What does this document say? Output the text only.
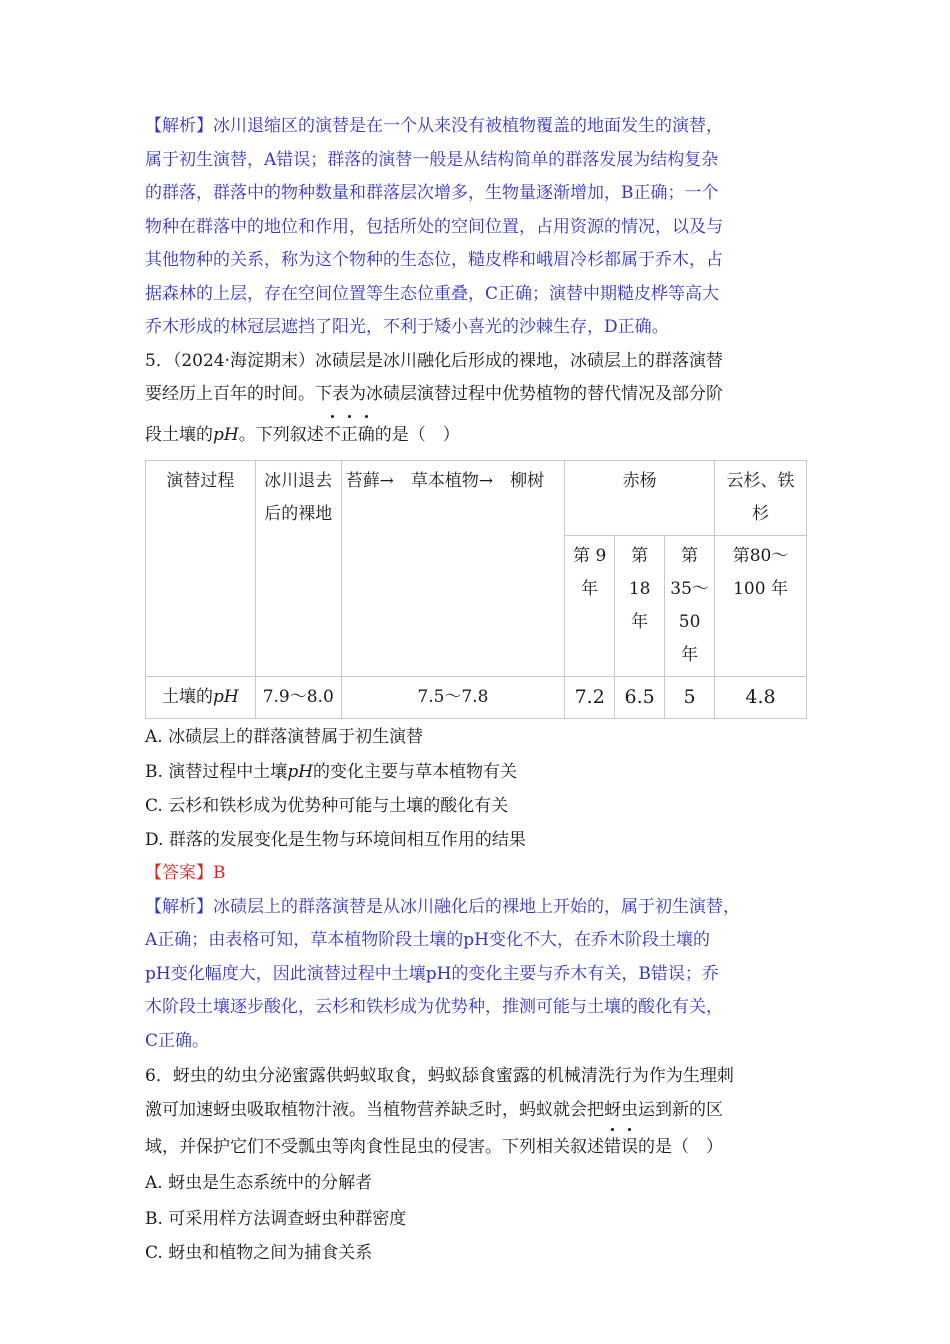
【解析】冰川退缩区的演替是在一个从来没有被植物覆盖的地面发生的演替，
属于初生演替，A错误；群落的演替一般是从结构简单的群落发展为结构复杂
的群落，群落中的物种数量和群落层次增多，生物量逐渐增加，B正确；一个
物种在群落中的地位和作用，包括所处的空间位置，占用资源的情况，以及与
其他物种的关系，称为这个物种的生态位，糙皮桦和峨眉冷杉都属于乔木，占
据森林的上层，存在空间位置等生态位重叠，C正确；演替中期糙皮桦等高大
乔木形成的林冠层遮挡了阳光，不利于矮小喜光的沙棘生存，D正确。
5．（2024·海淀期末）冰碛层是冰川融化后形成的裸地，冰碛层上的群落演替
要经历上百年的时间。下表为冰碛层演替过程中优势植物的替代情况及部分阶
段土壤的pH。下列叙述不正确的是（　）
演替过程	冰川退去后的裸地	苔藓→　草本植物→　柳树	赤杨			云杉、铁杉
			第 9 年	第 18 年	第 35～ 50 年	第80～ 100 年
土壤的pH	7.9～8.0	7.5～7.8	7.2	6.5	5	4.8
A. 冰碛层上的群落演替属于初生演替
B. 演替过程中土壤pH的变化主要与草本植物有关
C. 云杉和铁杉成为优势种可能与土壤的酸化有关
D. 群落的发展变化是生物与环境间相互作用的结果
【答案】B
【解析】冰碛层上的群落演替是从冰川融化后的裸地上开始的，属于初生演替，
A正确；由表格可知，草本植物阶段土壤的pH变化不大，在乔木阶段土壤的
pH变化幅度大，因此演替过程中土壤pH的变化主要与乔木有关，B错误；乔
木阶段土壤逐步酸化，云杉和铁杉成为优势种，推测可能与土壤的酸化有关，
C正确。
6．蚜虫的幼虫分泌蜜露供蚂蚁取食，蚂蚁舔食蜜露的机械清洗行为作为生理刺
激可加速蚜虫吸取植物汁液。当植物营养缺乏时，蚂蚁就会把蚜虫运到新的区
域，并保护它们不受瓢虫等肉食性昆虫的侵害。下列相关叙述错误的是（　）
A. 蚜虫是生态系统中的分解者
B. 可采用样方法调查蚜虫种群密度
C. 蚜虫和植物之间为捕食关系
